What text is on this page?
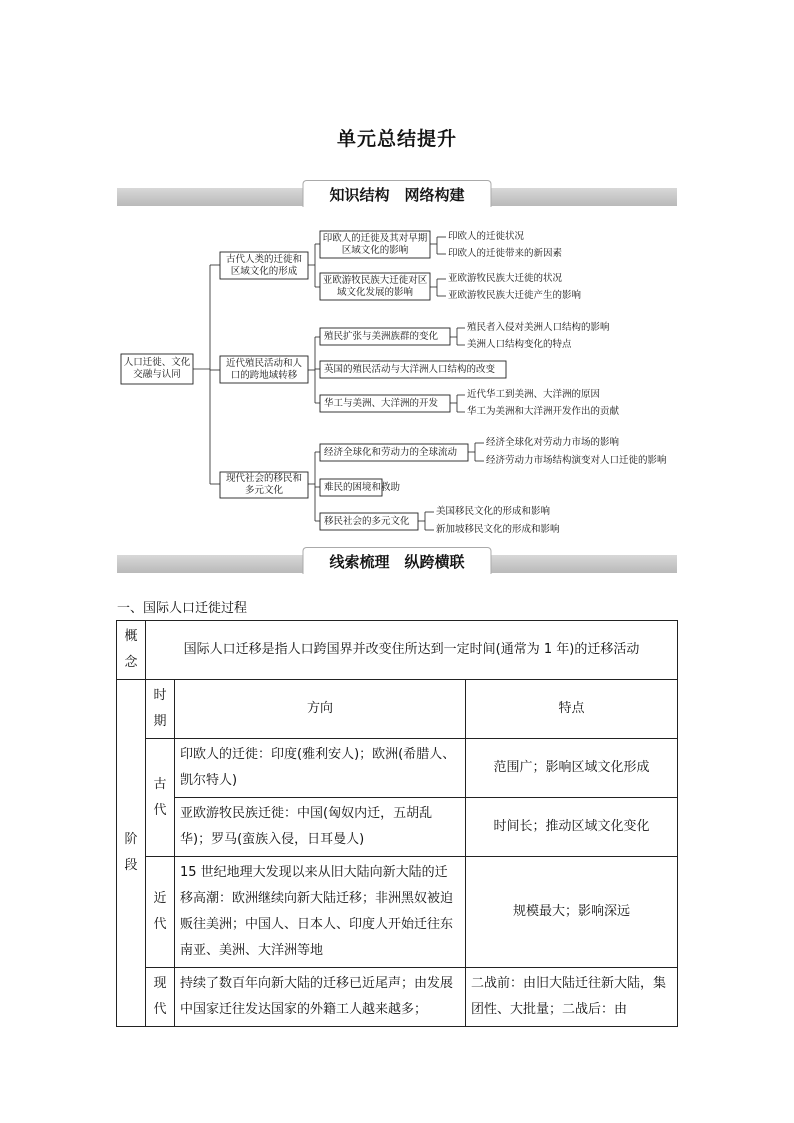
单元总结提升
知识结构　网络构建
人口迁徙、文化交融与认同
古代人类的迁徙和区域文化的形成
近代殖民活动和人口的跨地域转移
现代社会的移民和多元文化
印欧人的迁徙及其对早期区域文化的影响
亚欧游牧民族大迁徙对区域文化发展的影响
印欧人的迁徙状况
印欧人的迁徙带来的新因素
亚欧游牧民族大迁徙的状况
亚欧游牧民族大迁徙产生的影响
殖民扩张与美洲族群的变化
英国的殖民活动与大洋洲人口结构的改变
华工与美洲、大洋洲的开发
殖民者入侵对美洲人口结构的影响
美洲人口结构变化的特点
近代华工到美洲、大洋洲的原因
华工为美洲和大洋洲开发作出的贡献
经济全球化和劳动力的全球流动
难民的困境和救助
移民社会的多元文化
经济全球化对劳动力市场的影响
经济劳动力市场结构演变对人口迁徙的影响
美国移民文化的形成和影响
新加坡移民文化的形成和影响
线索梳理　纵跨横联
一、国际人口迁徙过程
概念	国际人口迁移是指人口跨国界并改变住所达到一定时间(通常为 1 年)的迁移活动		
阶段	时期	方向	特点
	古代	印欧人的迁徙：印度(雅利安人)；欧洲(希腊人、凯尔特人)	范围广；影响区域文化形成
		亚欧游牧民族迁徙：中国(匈奴内迁，五胡乱华)；罗马(蛮族入侵，日耳曼人)	时间长；推动区域文化变化
	近代	15 世纪地理大发现以来从旧大陆向新大陆的迁移高潮：欧洲继续向新大陆迁移；非洲黑奴被迫贩往美洲；中国人、日本人、印度人开始迁往东南亚、美洲、大洋洲等地	规模最大；影响深远
	现代	持续了数百年向新大陆的迁移已近尾声；由发展中国家迁往发达国家的外籍工人越来越多；	二战前：由旧大陆迁往新大陆，集团性、大批量；二战后：由
